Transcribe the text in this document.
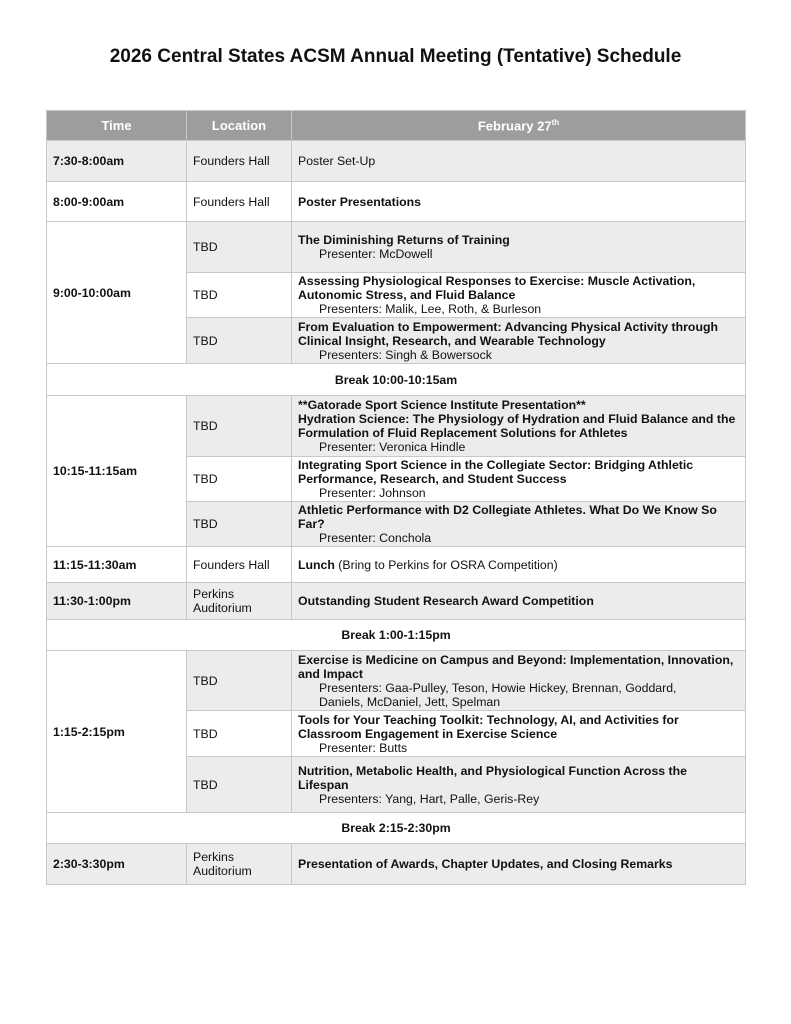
2026 Central States ACSM Annual Meeting (Tentative) Schedule
Time	Location	February 27th
7:30-8:00am	Founders Hall	Poster Set-Up
8:00-9:00am	Founders Hall	Poster Presentations
9:00-10:00am	TBD	The Diminishing Returns of Training
Presenter: McDowell

	TBD	Assessing Physiological Responses to Exercise: Muscle Activation, Autonomic Stress, and Fluid Balance
Presenters: Malik, Lee, Roth, & Burleson

	TBD	From Evaluation to Empowerment: Advancing Physical Activity through Clinical Insight, Research, and Wearable Technology
Presenters: Singh & Bowersock

Break 10:00-10:15am		
10:15-11:15am	TBD	**Gatorade Sport Science Institute Presentation**
Hydration Science: The Physiology of Hydration and Fluid Balance and the Formulation of Fluid Replacement Solutions for Athletes
Presenter: Veronica Hindle

	TBD	Integrating Sport Science in the Collegiate Sector: Bridging Athletic Performance, Research, and Student Success
Presenter: Johnson

	TBD	Athletic Performance with D2 Collegiate Athletes. What Do We Know So Far?
Presenter: Conchola

11:15-11:30am	Founders Hall	Lunch (Bring to Perkins for OSRA Competition)
11:30-1:00pm	Perkins
Auditorium	Outstanding Student Research Award Competition
Break 1:00-1:15pm		
1:15-2:15pm	TBD	Exercise is Medicine on Campus and Beyond: Implementation, Innovation, and Impact
Presenters: Gaa-Pulley, Teson, Howie Hickey, Brennan, Goddard,
Daniels, McDaniel, Jett, Spelman

	TBD	Tools for Your Teaching Toolkit: Technology, AI, and Activities for Classroom Engagement in Exercise Science
Presenter: Butts

	TBD	Nutrition, Metabolic Health, and Physiological Function Across the Lifespan
Presenters: Yang, Hart, Palle, Geris-Rey

Break 2:15-2:30pm		
2:30-3:30pm	Perkins
Auditorium	Presentation of Awards, Chapter Updates, and Closing Remarks
